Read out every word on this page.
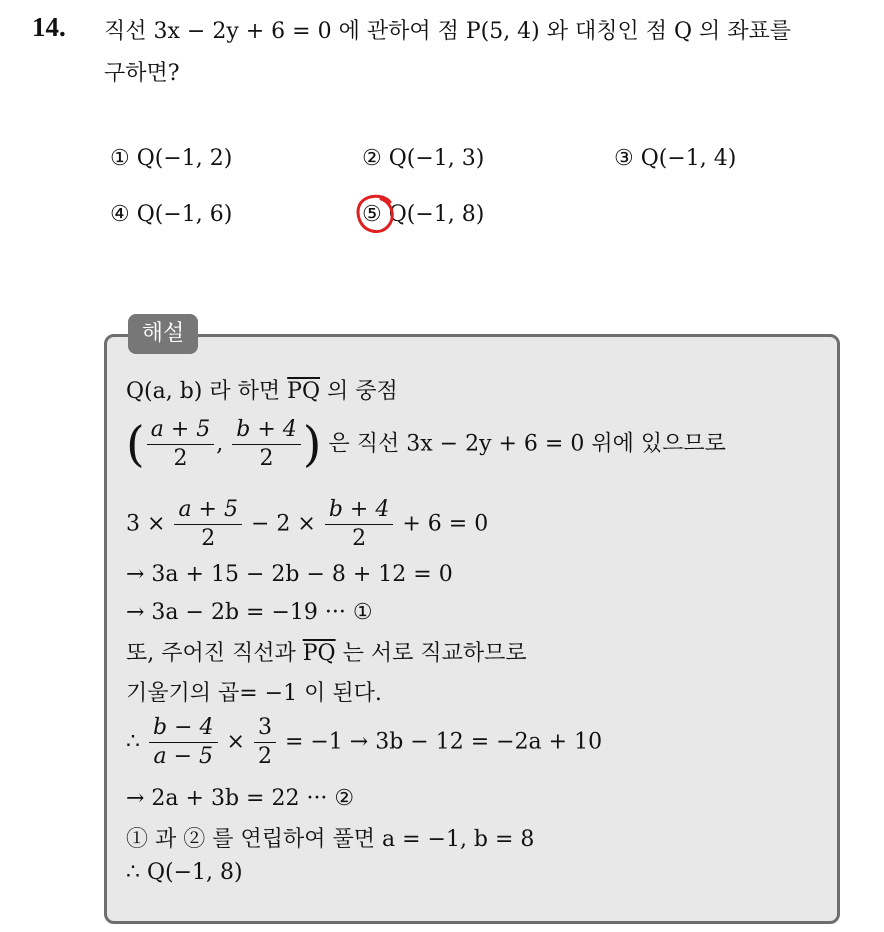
14. 직선 3x − 2y + 6 = 0 에 관하여 점 P(5, 4) 와 대칭인 점 Q 의 좌표를
구하면?
① Q(−1, 2)	② Q(−1, 3)	③ Q(−1, 4)
④ Q(−1, 6)	⑤ Q(−1, 8)
해설
Q(a, b) 라 하면 $\overline{PQ}$ 의 중점
( $\frac{a + 5}{2}$ , $\frac{b + 4}{2}$ ) 은 직선 3x − 2y + 6 = 0 위에 있으므로
$3 \times \frac{a + 5}{2} - 2 \times \frac{b + 4}{2} + 6 = 0$
→ 3a + 15 − 2b − 8 + 12 = 0
→ 3a − 2b = −19 ··· ①
또, 주어진 직선과 $\overline{PQ}$ 는 서로 직교하므로
기울기의 곱= −1 이 된다.
∴ $\frac{b - 4}{a - 5} \times \frac{3}{2} = -1 \to 3b - 12 = -2a + 10$
→ 2a + 3b = 22 ··· ②
① 과 ② 를 연립하여 풀면 a = −1, b = 8
∴ Q(−1, 8)
